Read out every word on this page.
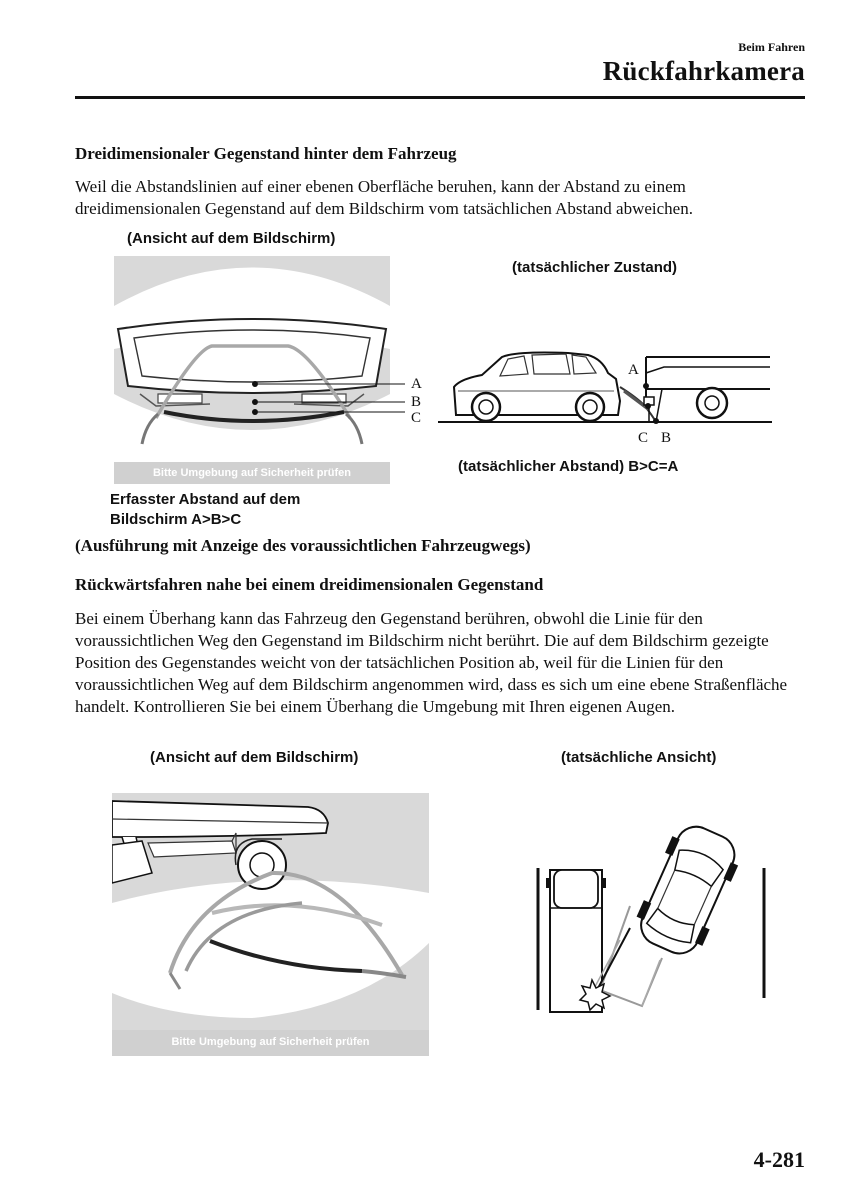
Beim Fahren
Rückfahrkamera
Dreidimensionaler Gegenstand hinter dem Fahrzeug

Weil die Abstandslinien auf einer ebenen Oberfläche beruhen, kann der Abstand zu einem dreidimensionalen Gegenstand auf dem Bildschirm vom tatsächlichen Abstand abweichen.

(Ansicht auf dem Bildschirm)
Bitte Umgebung auf Sicherheit prüfen
A
B
C
Erfasster Abstand auf dem
Bildschirm A>B>C
(tatsächlicher Zustand)
A
C B
(tatsächlicher Abstand) B>C=A
(Ausführung mit Anzeige des voraussichtlichen Fahrzeugwegs)
Rückwärtsfahren nahe bei einem dreidimensionalen Gegenstand

Bei einem Überhang kann das Fahrzeug den Gegenstand berühren, obwohl die Linie für den voraussichtlichen Weg den Gegenstand im Bildschirm nicht berührt. Die auf dem Bildschirm gezeigte Position des Gegenstandes weicht von der tatsächlichen Position ab, weil für die Linien für den voraussichtlichen Weg auf dem Bildschirm angenommen wird, dass es sich um eine ebene Straßenfläche handelt. Kontrollieren Sie bei einem Überhang die Umgebung mit Ihren eigenen Augen.

(Ansicht auf dem Bildschirm)
Bitte Umgebung auf Sicherheit prüfen
(tatsächliche Ansicht)
4-281
